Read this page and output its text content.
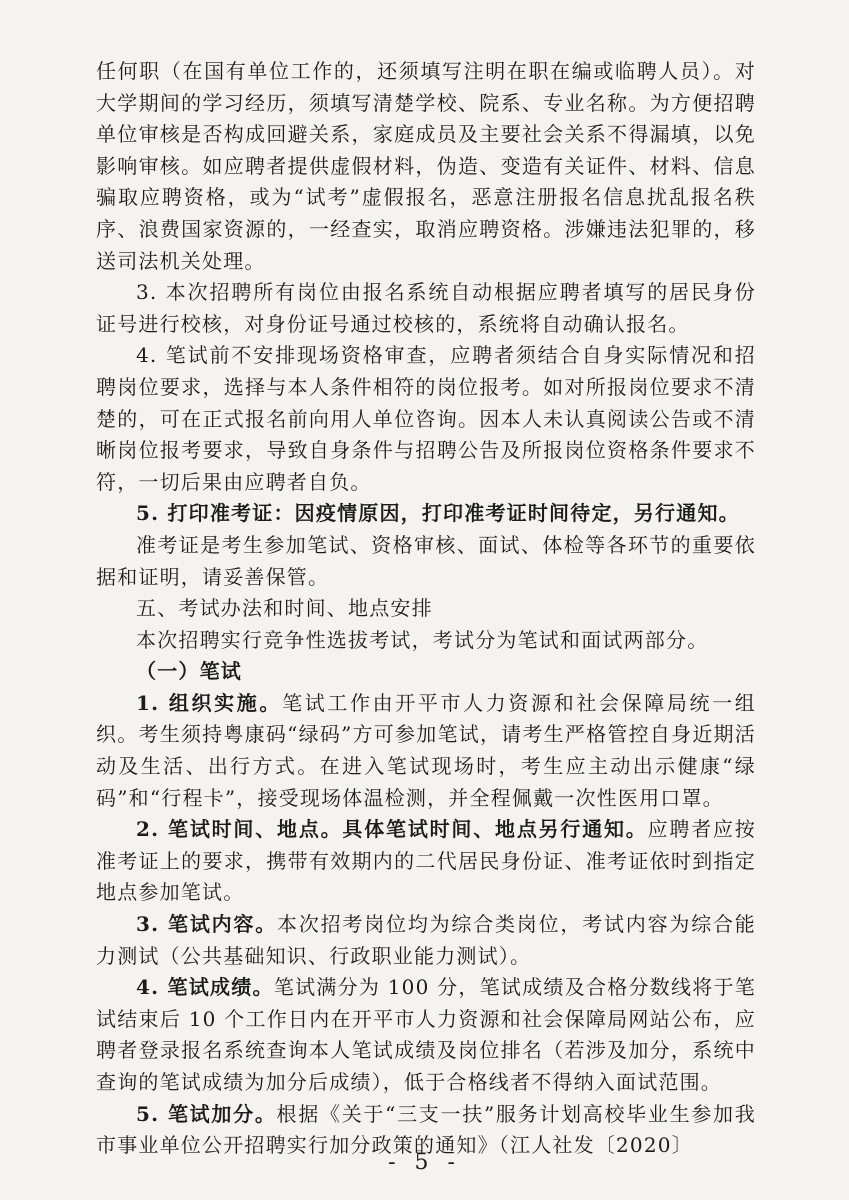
任何职（在国有单位工作的，还须填写注明在职在编或临聘人员）。对大学期间的学习经历，须填写清楚学校、院系、专业名称。为方便招聘单位审核是否构成回避关系，家庭成员及主要社会关系不得漏填，以免影响审核。如应聘者提供虚假材料，伪造、变造有关证件、材料、信息骗取应聘资格，或为“试考”虚假报名，恶意注册报名信息扰乱报名秩序、浪费国家资源的，一经查实，取消应聘资格。涉嫌违法犯罪的，移送司法机关处理。

3. 本次招聘所有岗位由报名系统自动根据应聘者填写的居民身份证号进行校核，对身份证号通过校核的，系统将自动确认报名。

4. 笔试前不安排现场资格审查，应聘者须结合自身实际情况和招聘岗位要求，选择与本人条件相符的岗位报考。如对所报岗位要求不清楚的，可在正式报名前向用人单位咨询。因本人未认真阅读公告或不清晰岗位报考要求，导致自身条件与招聘公告及所报岗位资格条件要求不符，一切后果由应聘者自负。

5. 打印准考证：因疫情原因，打印准考证时间待定，另行通知。

准考证是考生参加笔试、资格审核、面试、体检等各环节的重要依据和证明，请妥善保管。

五、考试办法和时间、地点安排

本次招聘实行竞争性选拔考试，考试分为笔试和面试两部分。

（一）笔试

1. 组织实施。笔试工作由开平市人力资源和社会保障局统一组织。考生须持粤康码“绿码”方可参加笔试，请考生严格管控自身近期活动及生活、出行方式。在进入笔试现场时，考生应主动出示健康“绿码”和“行程卡”，接受现场体温检测，并全程佩戴一次性医用口罩。

2. 笔试时间、地点。具体笔试时间、地点另行通知。应聘者应按准考证上的要求，携带有效期内的二代居民身份证、准考证依时到指定地点参加笔试。

3. 笔试内容。本次招考岗位均为综合类岗位，考试内容为综合能力测试（公共基础知识、行政职业能力测试）。

4. 笔试成绩。笔试满分为 100 分，笔试成绩及合格分数线将于笔试结束后 10 个工作日内在开平市人力资源和社会保障局网站公布，应聘者登录报名系统查询本人笔试成绩及岗位排名（若涉及加分，系统中查询的笔试成绩为加分后成绩），低于合格线者不得纳入面试范围。

5. 笔试加分。根据《关于“三支一扶”服务计划高校毕业生参加我市事业单位公开招聘实行加分政策的通知》（江人社发〔2020〕

- 5 -
